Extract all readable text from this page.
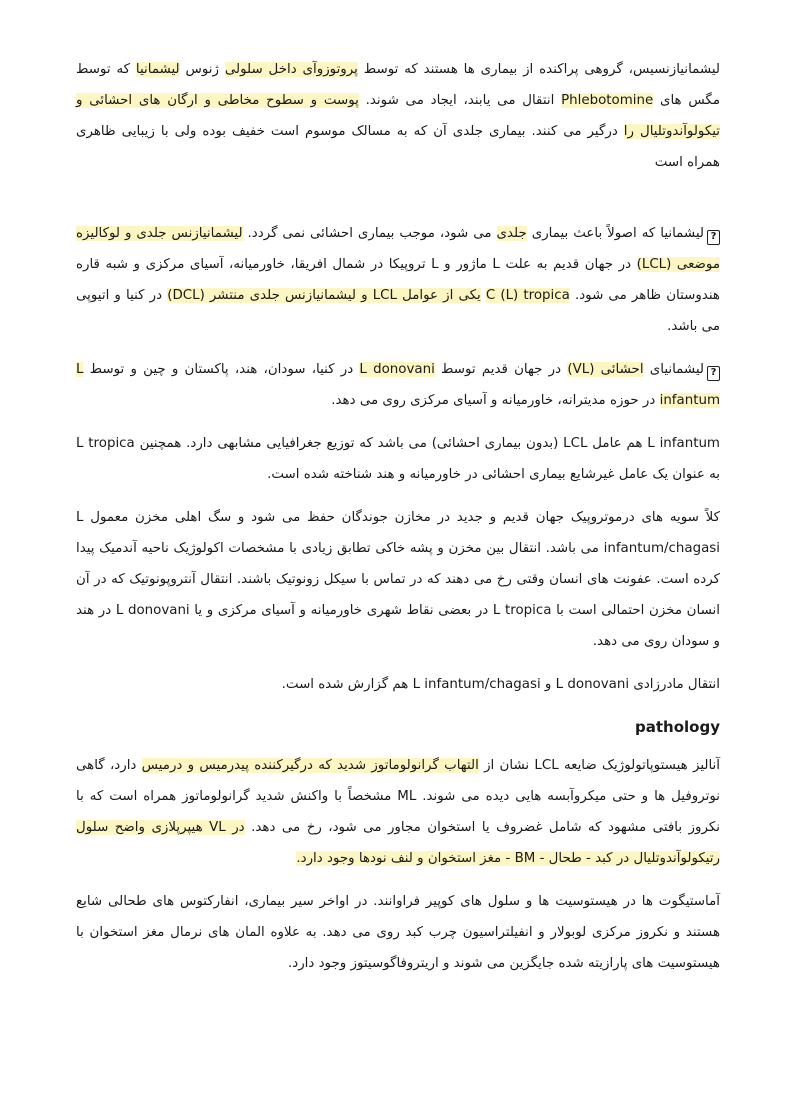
لیشمانیازنسیس، گروهی پراکنده از بیماری ها هستند که توسط پروتوزوآی داخل سلولی ژنوس لیشمانیا که توسط مگس های Phlebotomine انتقال می یابند، ایجاد می شوند. پوست و سطوح مخاطی و ارگان های احشائی و تیکولوآندوتلیال را درگیر می کنند. بیماری جلدی آن که به مسالک موسوم است خفیف بوده ولی با زیبایی ظاهری همراه است

?لیشمانیا که اصولاً باعث بیماری جلدی می شود، موجب بیماری احشائی نمی گردد. لیشمانیازنس جلدی و لوکالیزه موضعی (LCL) در جهان قدیم به علت L ماژور و L تروپیکا در شمال افریقا، خاورمیانه، آسیای مرکزی و شبه قاره هندوستان ظاهر می شود. C (L) tropica یکی از عوامل LCL و لیشمانیازنس جلدی منتشر (DCL) در کنیا و اتیوپی می باشد.

?لیشمانیای احشائی (VL) در جهان قدیم توسط L donovani در کنیا، سودان، هند، پاکستان و چین و توسط L infantum در حوزه مدیترانه، خاورمیانه و آسیای مرکزی روی می دهد.

L infantum هم عامل LCL (بدون بیماری احشائی) می باشد که توزیع جغرافیایی مشابهی دارد. همچنین L tropica به عنوان یک عامل غیرشایع بیماری احشائی در خاورمیانه و هند شناخته شده است.

کلاً سویه های درموتروپیک جهان قدیم و جدید در مخازن جوندگان حفظ می شود و سگ اهلی مخزن معمول L infantum/chagasi می باشد. انتقال بین مخزن و پشه خاکی تطابق زیادی با مشخصات اکولوژیک ناحیه آندمیک پیدا کرده است. عفونت های انسان وقتی رخ می دهند که در تماس با سیکل زونوتیک باشند. انتقال آنتروپونوتیک که در آن انسان مخزن احتمالی است با L tropica در بعضی نقاط شهری خاورمیانه و آسیای مرکزی و یا L donovani در هند و سودان روی می دهد.

انتقال مادرزادی L donovani و L infantum/chagasi هم گزارش شده است.

pathology

آنالیز هیستوپاتولوژیک ضایعه LCL نشان از التهاب گرانولوماتوز شدید که درگیرکننده پیدرمیس و درمیس دارد، گاهی نوتروفیل ها و حتی میکروآبسه هایی دیده می شوند. ML مشخصاً با واکنش شدید گرانولوماتوز همراه است که با نکروز بافتی مشهود که شامل غضروف یا استخوان مجاور می شود، رخ می دهد. در VL هیپرپلازی واضح سلول رتیکولوآندوتلیال در کبد - طحال - BM - مغز استخوان و لنف نودها وجود دارد.

آماستیگوت ها در هیستوسیت ها و سلول های کوپیر فراوانند. در اواخر سیر بیماری، انفارکتوس های طحالی شایع هستند و نکروز مرکزی لوبولار و انفیلتراسیون چرب کبد روی می دهد. به علاوه المان های نرمال مغز استخوان با هیستوسیت های پارازیته شده جایگزین می شوند و اریتروفاگوسیتوز وجود دارد.
